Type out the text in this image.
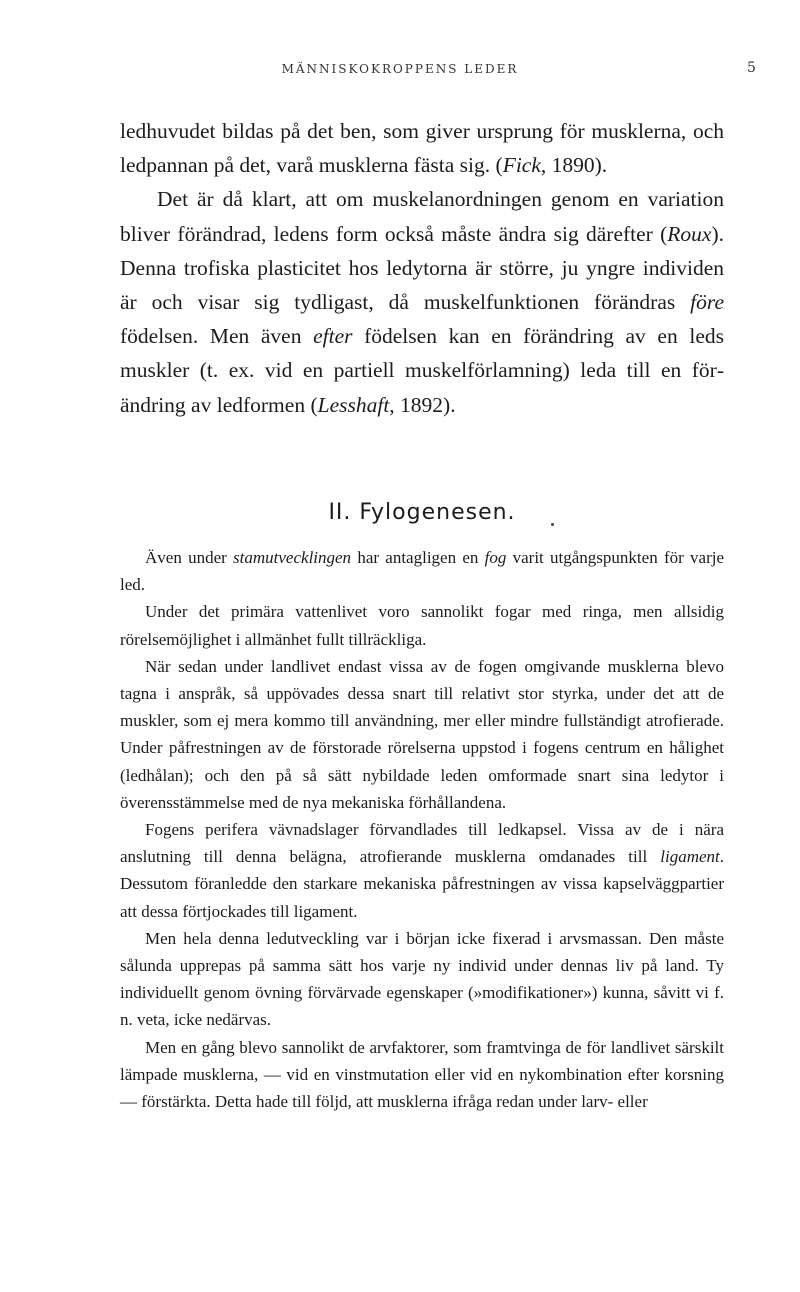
MÄNNISKOKROPPENS LEDER	5

ledhuvudet bildas på det ben, som giver ursprung för musklerna, och ledpannan på det, varå musklerna fästa sig. (Fick, 1890).

Det är då klart, att om muskelanordningen genom en variation bliver förändrad, ledens form också måste ändra sig därefter (Roux). Denna trofiska plasticitet hos ledytorna är större, ju yngre individen är och visar sig tydligast, då muskelfunktionen förändras före födelsen. Men även efter födelsen kan en förändring av en leds muskler (t. ex. vid en partiell muskelförlamning) leda till en förändring av ledformen (Lesshaft, 1892).

II. Fylogenesen.

Även under stamutvecklingen har antagligen en fog varit utgångspunkten för varje led.

Under det primära vattenlivet voro sannolikt fogar med ringa, men allsidig rörelsemöjlighet i allmänhet fullt tillräckliga.

När sedan under landlivet endast vissa av de fogen omgivande musklerna blevo tagna i anspråk, så uppövades dessa snart till relativt stor styrka, under det att de muskler, som ej mera kommo till användning, mer eller mindre fullständigt atrofierade. Under påfrestningen av de förstorade rörelserna uppstod i fogens centrum en hålighet (ledhålan); och den på så sätt nybildade leden omformade snart sina ledytor i överensstämmelse med de nya mekaniska förhållandena.

Fogens perifera vävnadslager förvandlades till ledkapsel. Vissa av de i nära anslutning till denna belägna, atrofierande musklerna omdanades till ligament. Dessutom föranledde den starkare mekaniska påfrestningen av vissa kapselväggpartier att dessa förtjockades till ligament.

Men hela denna ledutveckling var i början icke fixerad i arvsmassan. Den måste sålunda upprepas på samma sätt hos varje ny individ under dennas liv på land. Ty individuellt genom övning förvärvade egenskaper (»modifikationer») kunna, såvitt vi f. n. veta, icke nedärvas.

Men en gång blevo sannolikt de arvfaktorer, som framtvinga de för landlivet särskilt lämpade musklerna, — vid en vinstmutation eller vid en nykombination efter korsning — förstärkta. Detta hade till följd, att musklerna ifråga redan under larv- eller
